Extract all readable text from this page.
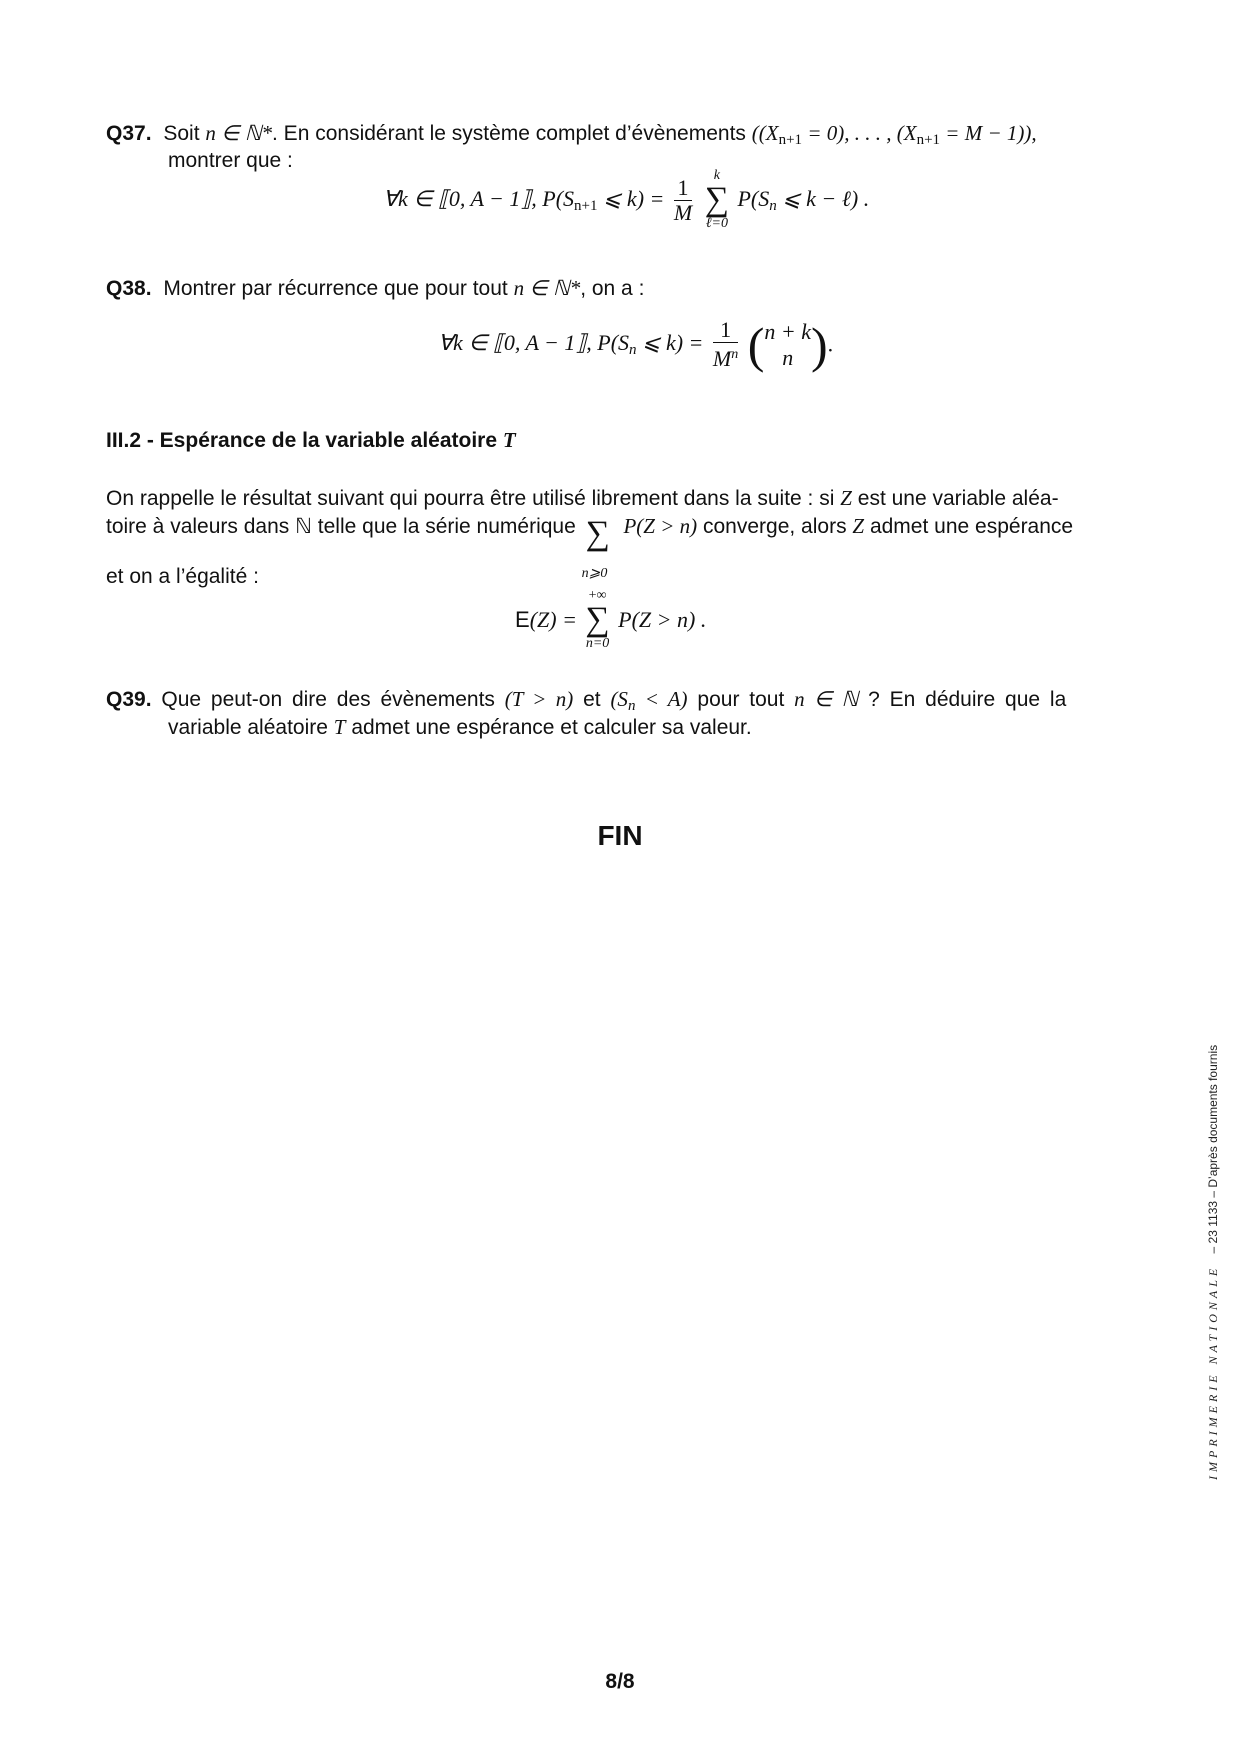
Q37. Soit n ∈ ℕ*. En considérant le système complet d’évènements ($(X_{n+1} = 0)$, . . . , $(X_{n+1} = M - 1)$),
montrer que :
∀k ∈ ⟦0, A − 1⟧, $P(S_{n+1}$ ⩽ $k) = \frac{1}{M}$
	k
∑
ℓ=0
$P(S_n$ ⩽ k − ℓ) .
Q38. Montrer par récurrence que pour tout n ∈ ℕ*, on a :
∀k ∈ ⟦0, A − 1⟧, $P(S_n$ ⩽ $k) = \frac{1}{M^n}$ ( n + k
n ).
III.2 - Espérance de la variable aléatoire T
On rappelle le résultat suivant qui pourra être utilisé librement dans la suite : si Z est une variable aléa-
toire à valeurs dans ℕ telle que la série numérique ∑
n⩾0
P(Z > n) converge, alors Z admet une espérance
et on a l’égalité :
E(Z) =
+∞
∑
n=0
P(Z > n) .
Q39. Que peut-on dire des évènements (T > n) et $(S_n < A)$ pour tout n ∈ ℕ ? En déduire que la
variable aléatoire T admet une espérance et calculer sa valeur.
FIN
8/8
IMPRIMERIE NATIONALE – 23 1133 – D’après documents fournis
